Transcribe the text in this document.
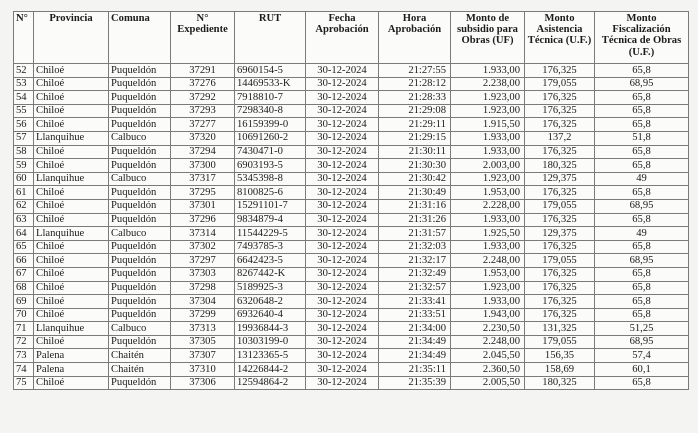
N°	Provincia	Comuna	N° Expediente	RUT	Fecha Aprobación	Hora Aprobación	Monto de subsidio para Obras (UF)	Monto Asistencia Técnica (U.F.)	Monto Fiscalización Técnica de Obras (U.F.)
52	Chiloé	Puqueldón	37291	6960154-5	30-12-2024	21:27:55	1.933,00	176,325	65,8
53	Chiloé	Puqueldón	37276	14469533-K	30-12-2024	21:28:12	2.238,00	179,055	68,95
54	Chiloé	Puqueldón	37292	7918810-7	30-12-2024	21:28:33	1.923,00	176,325	65,8
55	Chiloé	Puqueldón	37293	7298340-8	30-12-2024	21:29:08	1.923,00	176,325	65,8
56	Chiloé	Puqueldón	37277	16159399-0	30-12-2024	21:29:11	1.915,50	176,325	65,8
57	Llanquihue	Calbuco	37320	10691260-2	30-12-2024	21:29:15	1.933,00	137,2	51,8
58	Chiloé	Puqueldón	37294	7430471-0	30-12-2024	21:30:11	1.933,00	176,325	65,8
59	Chiloé	Puqueldón	37300	6903193-5	30-12-2024	21:30:30	2.003,00	180,325	65,8
60	Llanquihue	Calbuco	37317	5345398-8	30-12-2024	21:30:42	1.923,00	129,375	49
61	Chiloé	Puqueldón	37295	8100825-6	30-12-2024	21:30:49	1.953,00	176,325	65,8
62	Chiloé	Puqueldón	37301	15291101-7	30-12-2024	21:31:16	2.228,00	179,055	68,95
63	Chiloé	Puqueldón	37296	9834879-4	30-12-2024	21:31:26	1.933,00	176,325	65,8
64	Llanquihue	Calbuco	37314	11544229-5	30-12-2024	21:31:57	1.925,50	129,375	49
65	Chiloé	Puqueldón	37302	7493785-3	30-12-2024	21:32:03	1.933,00	176,325	65,8
66	Chiloé	Puqueldón	37297	6642423-5	30-12-2024	21:32:17	2.248,00	179,055	68,95
67	Chiloé	Puqueldón	37303	8267442-K	30-12-2024	21:32:49	1.953,00	176,325	65,8
68	Chiloé	Puqueldón	37298	5189925-3	30-12-2024	21:32:57	1.923,00	176,325	65,8
69	Chiloé	Puqueldón	37304	6320648-2	30-12-2024	21:33:41	1.933,00	176,325	65,8
70	Chiloé	Puqueldón	37299	6932640-4	30-12-2024	21:33:51	1.943,00	176,325	65,8
71	Llanquihue	Calbuco	37313	19936844-3	30-12-2024	21:34:00	2.230,50	131,325	51,25
72	Chiloé	Puqueldón	37305	10303199-0	30-12-2024	21:34:49	2.248,00	179,055	68,95
73	Palena	Chaitén	37307	13123365-5	30-12-2024	21:34:49	2.045,50	156,35	57,4
74	Palena	Chaitén	37310	14226844-2	30-12-2024	21:35:11	2.360,50	158,69	60,1
75	Chiloé	Puqueldón	37306	12594864-2	30-12-2024	21:35:39	2.005,50	180,325	65,8
